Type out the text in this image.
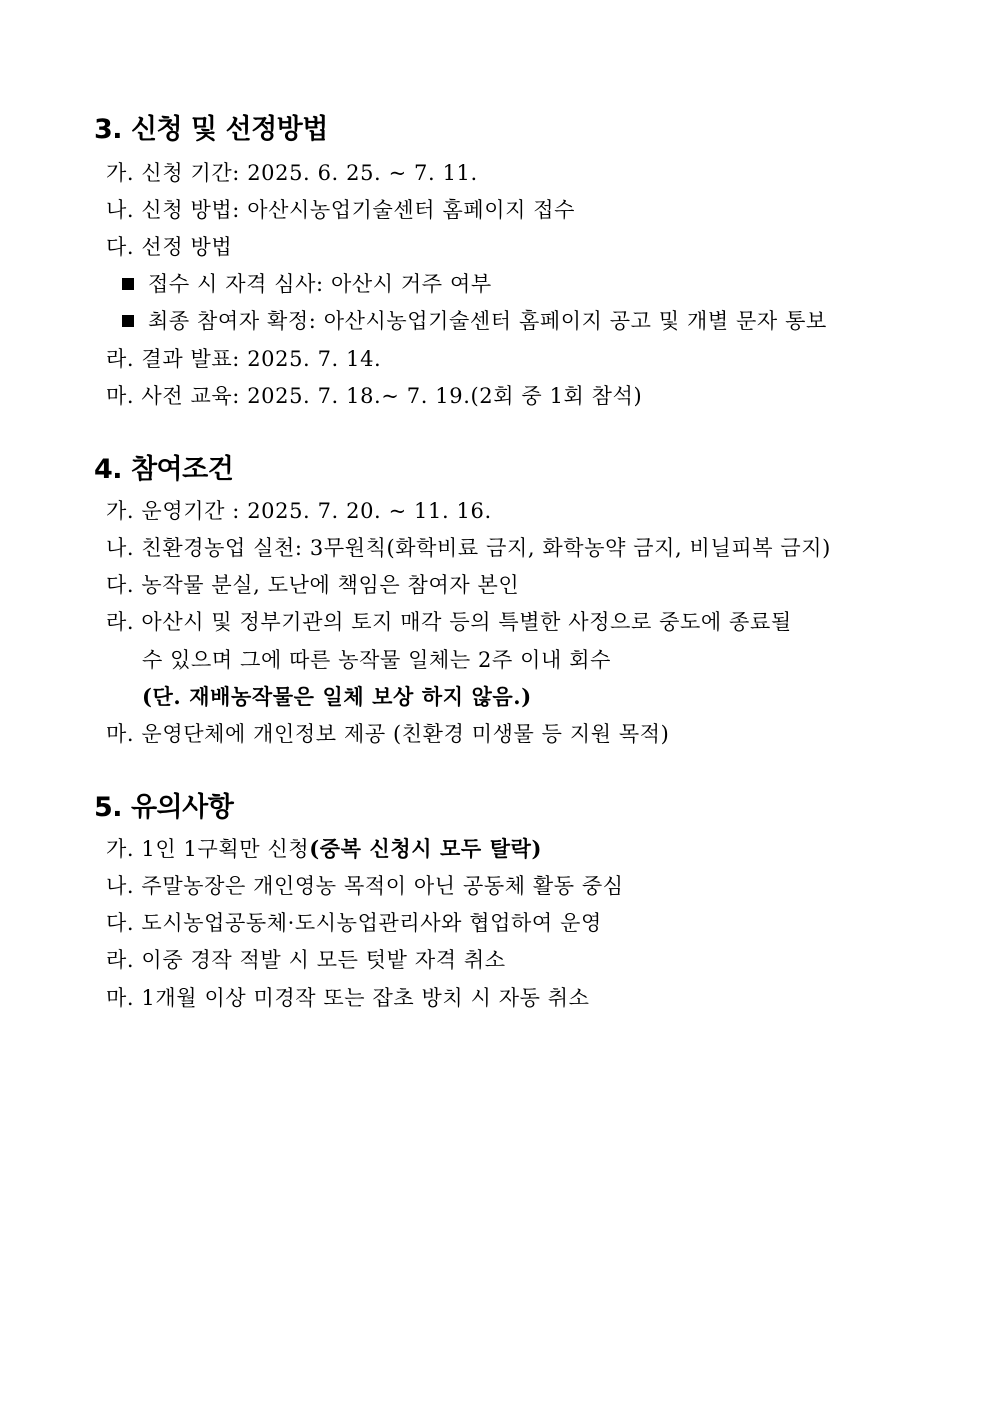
3. 신청 및 선정방법
가. 신청 기간: 2025. 6. 25. ~ 7. 11.
나. 신청 방법: 아산시농업기술센터 홈페이지 접수
다. 선정 방법
접수 시 자격 심사: 아산시 거주 여부
최종 참여자 확정: 아산시농업기술센터 홈페이지 공고 및 개별 문자 통보
라. 결과 발표: 2025. 7. 14.
마. 사전 교육: 2025. 7. 18.~ 7. 19.(2회 중 1회 참석)
4. 참여조건
가. 운영기간 : 2025. 7. 20. ~ 11. 16.
나. 친환경농업 실천: 3무원칙(화학비료 금지, 화학농약 금지, 비닐피복 금지)
다. 농작물 분실, 도난에 책임은 참여자 본인
라. 아산시 및 정부기관의 토지 매각 등의 특별한 사정으로 중도에 종료될
수 있으며 그에 따른 농작물 일체는 2주 이내 회수
(단. 재배농작물은 일체 보상 하지 않음.)
마. 운영단체에 개인정보 제공 (친환경 미생물 등 지원 목적)
5. 유의사항
가. 1인 1구획만 신청(중복 신청시 모두 탈락)
나. 주말농장은 개인영농 목적이 아닌 공동체 활동 중심
다. 도시농업공동체·도시농업관리사와 협업하여 운영
라. 이중 경작 적발 시 모든 텃밭 자격 취소
마. 1개월 이상 미경작 또는 잡초 방치 시 자동 취소
